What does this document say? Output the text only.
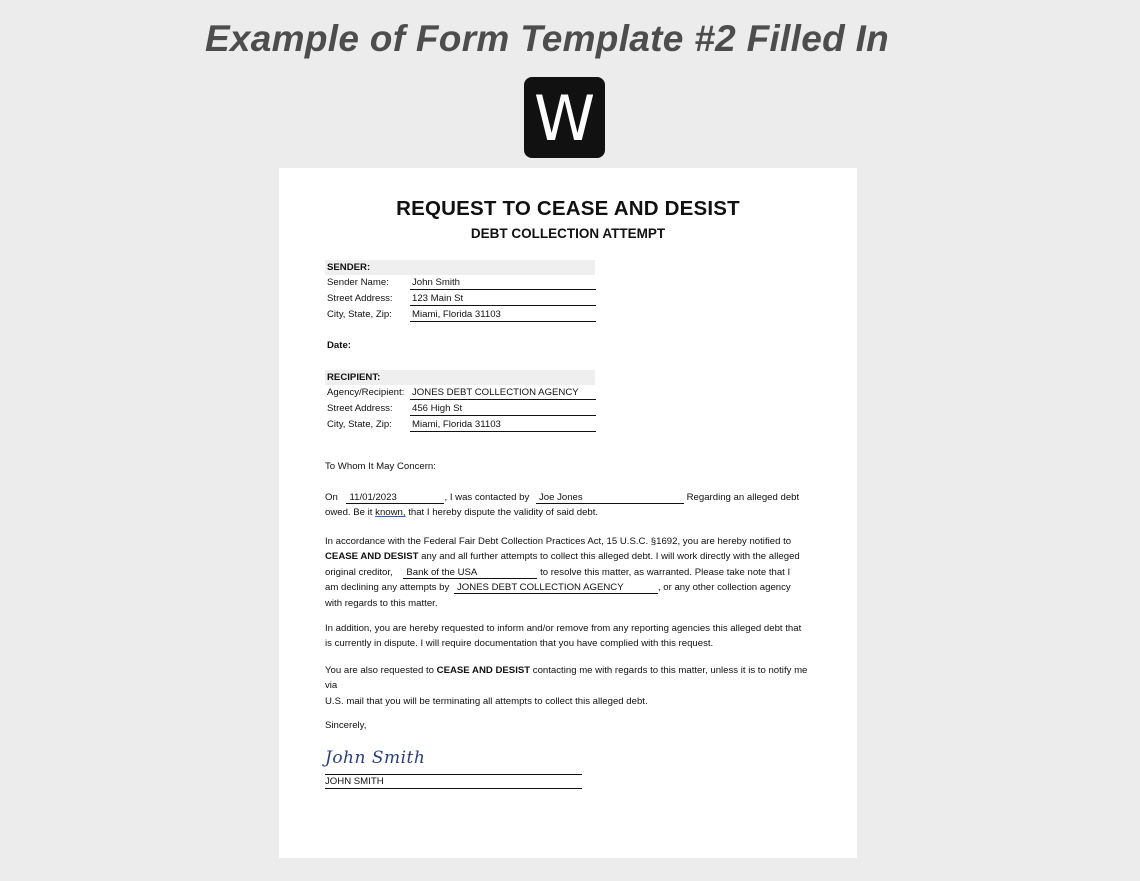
Example of Form Template #2 Filled In
W
REQUEST TO CEASE AND DESIST
DEBT COLLECTION ATTEMPT
SENDER:
Sender Name: John Smith
Street Address: 123 Main St
City, State, Zip: Miami, Florida 31103
Date:
RECIPIENT:
Agency/Recipient: JONES DEBT COLLECTION AGENCY
Street Address: 456 High St
City, State, Zip: Miami, Florida 31103
To Whom It May Concern:
On 11/01/2023	, I was contacted by Joe Jones	Regarding an alleged debt
owed. Be it known, that I hereby dispute the validity of said debt.
In accordance with the Federal Fair Debt Collection Practices Act, 15 U.S.C. §1692, you are hereby notified to
CEASE AND DESIST any and all further attempts to collect this alleged debt. I will work directly with the alleged
original creditor, Bank of the USA	to resolve this matter, as warranted. Please take note that I
am declining any attempts by JONES DEBT COLLECTION AGENCY	, or any other collection agency
with regards to this matter.
In addition, you are hereby requested to inform and/or remove from any reporting agencies this alleged debt that
is currently in dispute. I will require documentation that you have complied with this request.
You are also requested to CEASE AND DESIST contacting me with regards to this matter, unless it is to notify me via
U.S. mail that you will be terminating all attempts to collect this alleged debt.
Sincerely,
John Smith
JOHN SMITH
